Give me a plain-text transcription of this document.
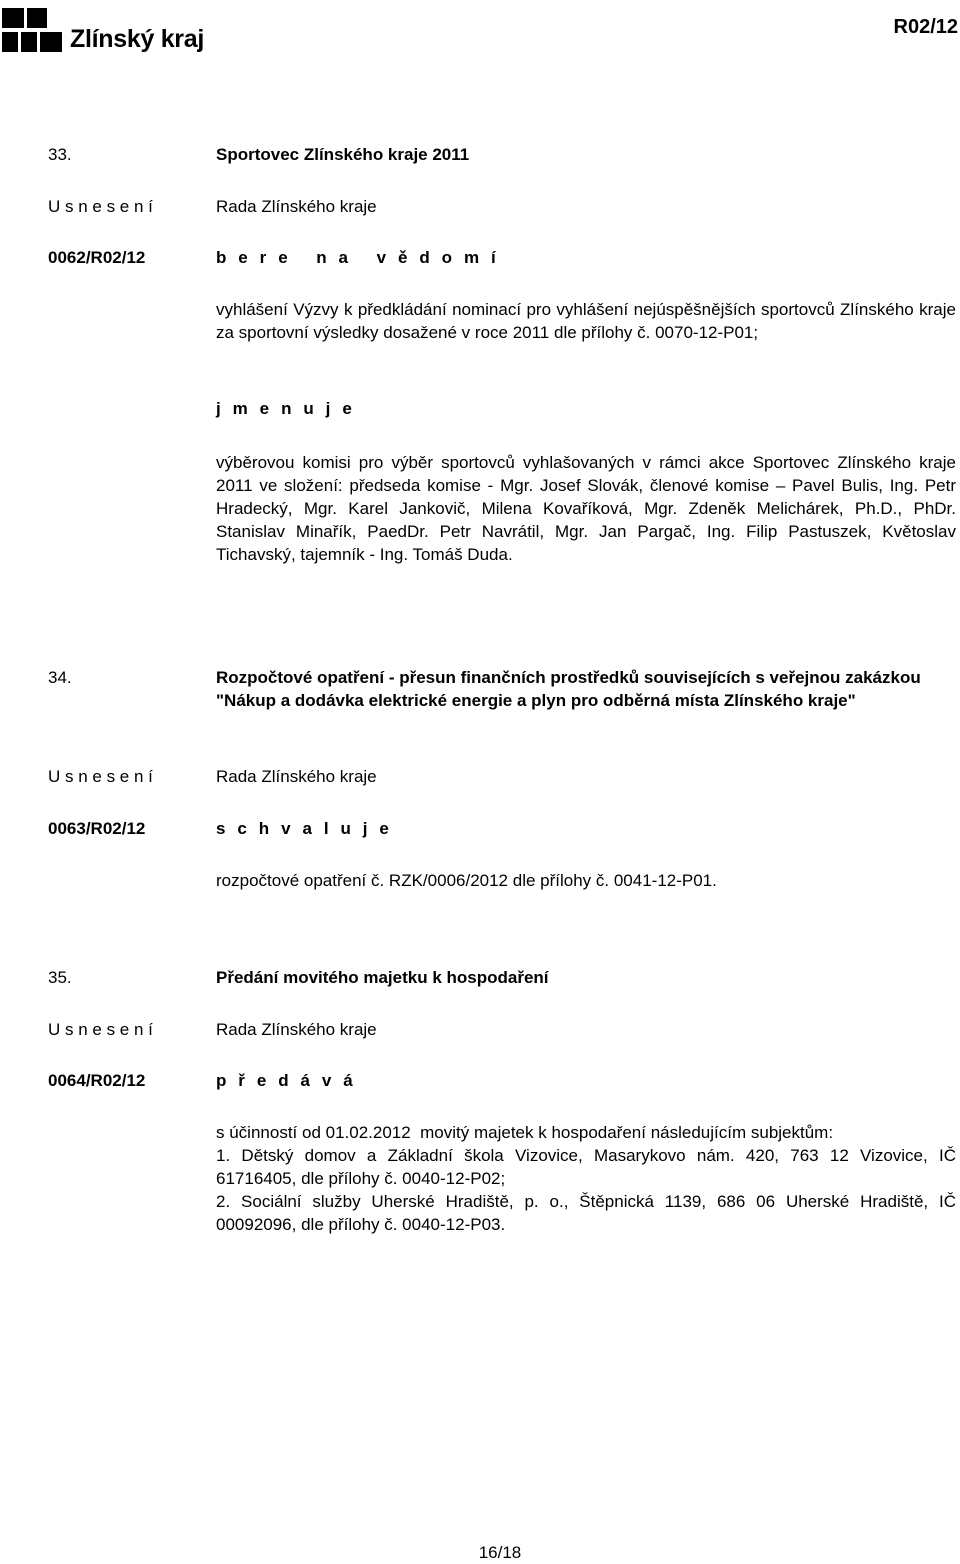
Zlínský kraj	R02/12
33.	Sportovec Zlínského kraje 2011
U s n e s e n í	Rada Zlínského kraje
0062/R02/12	b e r e   n a   v ě d o m í
vyhlášení Výzvy k předkládání nominací pro vyhlášení nejúspěšnějších sportovců Zlínského kraje za sportovní výsledky dosažené v roce 2011 dle přílohy č. 0070-12-P01;
j m e n u j e
výběrovou komisi pro výběr sportovců vyhlašovaných v rámci akce Sportovec Zlínského kraje 2011 ve složení: předseda komise - Mgr. Josef Slovák, členové komise – Pavel Bulis, Ing. Petr Hradecký, Mgr. Karel Jankovič, Milena Kovaříková, Mgr. Zdeněk Melichárek, Ph.D., PhDr. Stanislav Minařík, PaedDr. Petr Navrátil, Mgr. Jan Pargač, Ing. Filip Pastuszek, Květoslav Tichavský, tajemník - Ing. Tomáš Duda.
34.	Rozpočtové opatření - přesun finančních prostředků souvisejících s veřejnou zakázkou "Nákup a dodávka elektrické energie a plyn pro odběrná místa Zlínského kraje"
U s n e s e n í	Rada Zlínského kraje
0063/R02/12	s c h v a l u j e
rozpočtové opatření č. RZK/0006/2012 dle přílohy č. 0041-12-P01.
35.	Předání movitého majetku k hospodaření
U s n e s e n í	Rada Zlínského kraje
0064/R02/12	p ř e d á v á
s účinností od 01.02.2012  movitý majetek k hospodaření následujícím subjektům:
1. Dětský domov a Základní škola Vizovice, Masarykovo nám. 420, 763 12 Vizovice, IČ 61716405, dle přílohy č. 0040-12-P02;
2. Sociální služby Uherské Hradiště, p. o., Štěpnická 1139, 686 06 Uherské Hradiště, IČ 00092096, dle přílohy č. 0040-12-P03.
16/18
